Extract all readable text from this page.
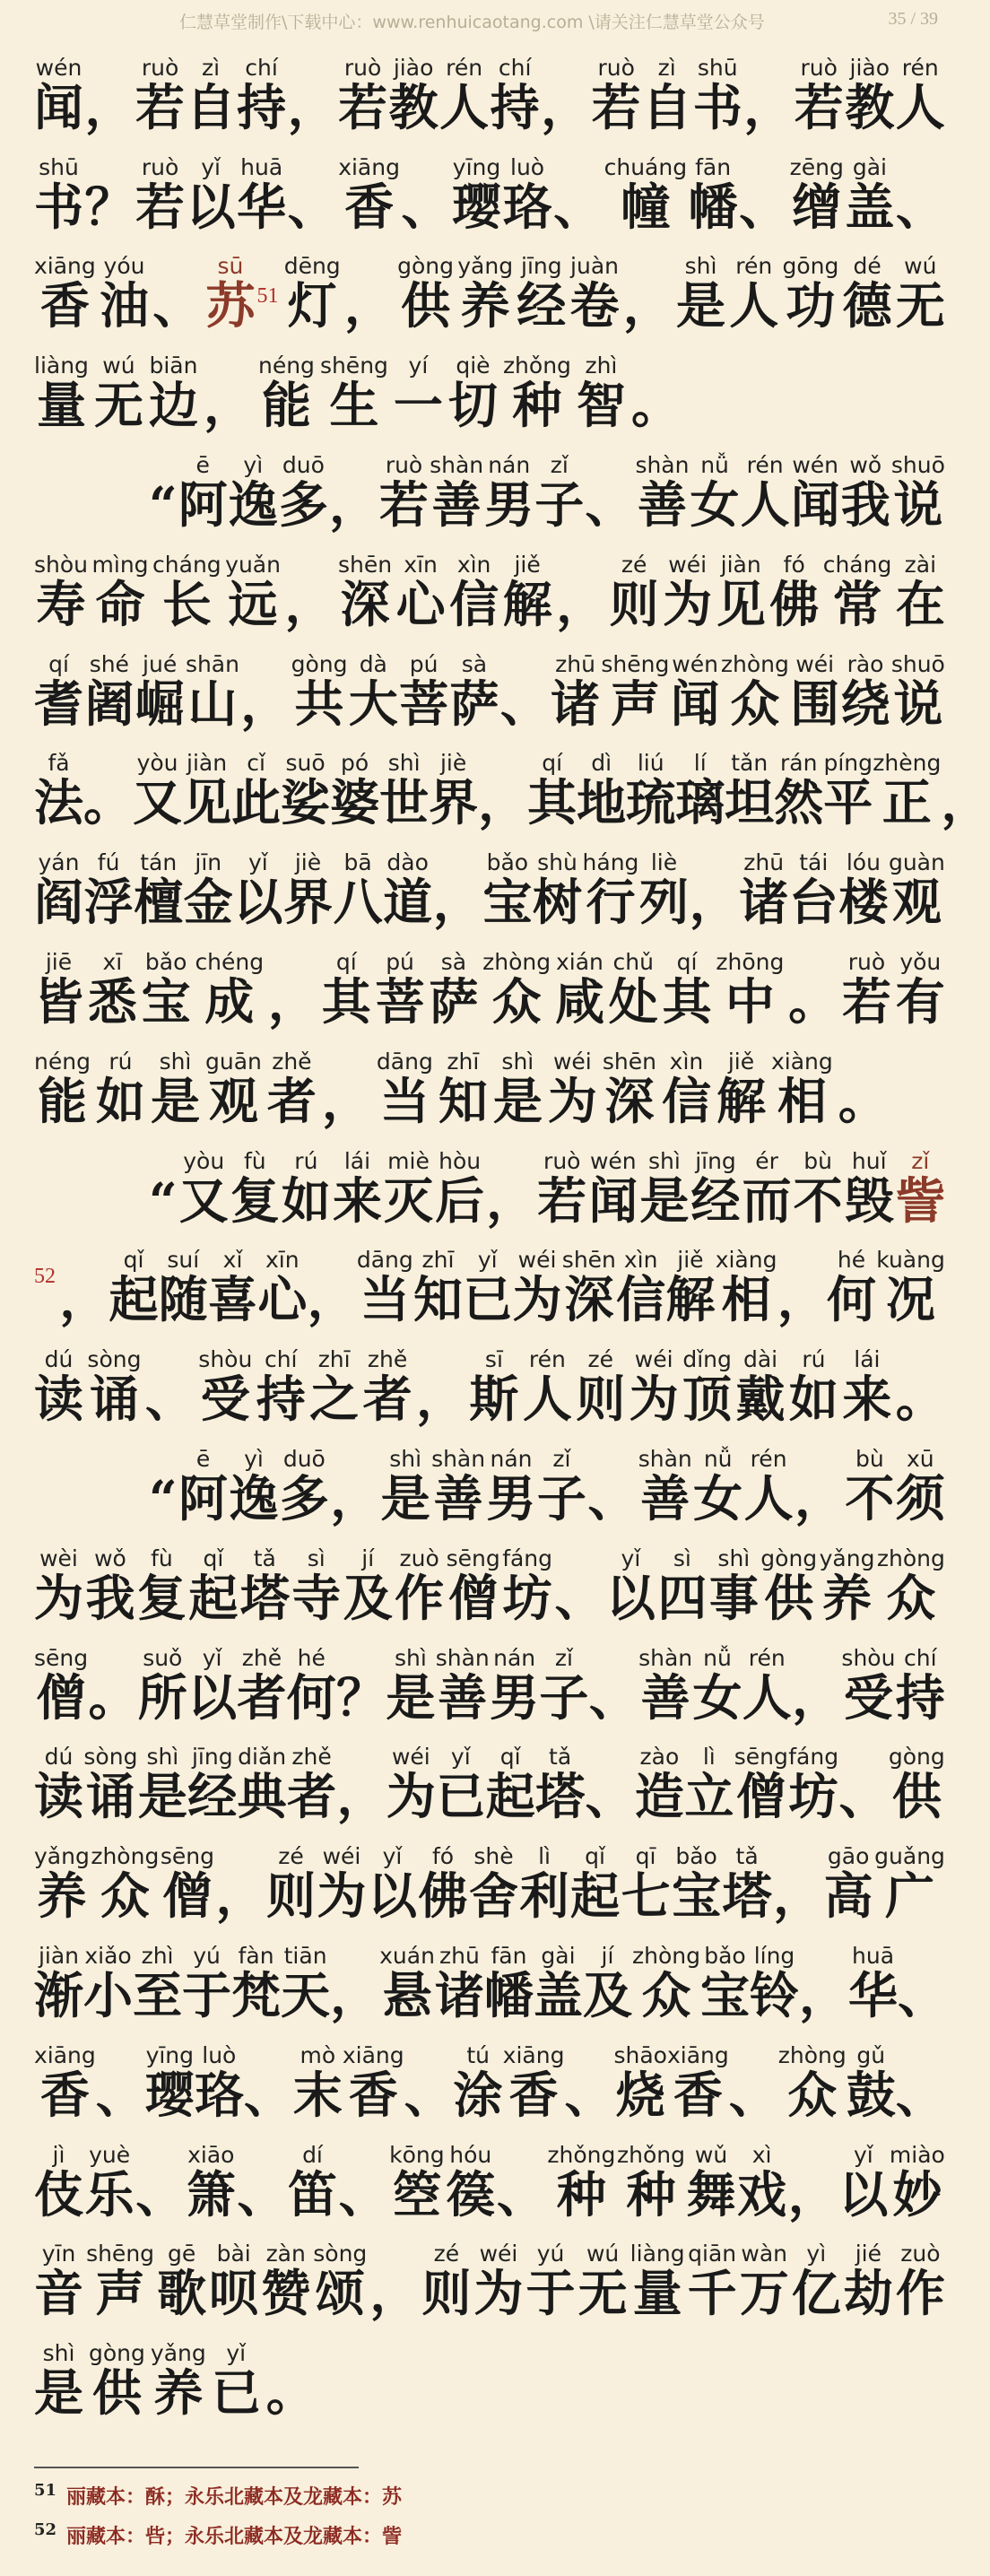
仁慧草堂制作\下载中心：www.renhuicaotang.com \请关注仁慧草堂公众号	35 / 39
闻wén
， 若ruò
自zì
持chí
， 若ruò
教jiào
人rén
持chí
， 若ruò
自zì
书shū
， 若ruò
教jiào
人rén
书shū
？ 若ruò
以yǐ
华huā
、 香xiāng
、 璎yīng
珞luò
、 幢chuáng
幡fān
、 缯zēng
盖gài
、
香xiāng
油yóu
、 苏sū
51 灯dēng
， 供gòng
养yǎng
经jīng
卷juàn
， 是shì
人rén
功gōng
德dé
无wú
量liàng
无wú
边biān
， 能néng
生shēng
一yí
切qiè
种zhǒng
智zhì
。
“ 阿ē
逸yì
多duō
， 若ruò
善shàn
男nán
子zǐ
、 善shàn
女nǚ
人rén
闻wén
我wǒ
说shuō
寿shòu
命mìng
长cháng
远yuǎn
， 深shēn
心xīn
信xìn
解jiě
， 则zé
为wéi
见jiàn
佛fó
常cháng
在zài
耆qí
阇shé
崛jué
山shān
， 共gòng
大dà
菩pú
萨sà
、 诸zhū
声shēng
闻wén
众zhòng
围wéi
绕rào
说shuō
法fǎ
。 又yòu
见jiàn
此cǐ
娑suō
婆pó
世shì
界jiè
， 其qí
地dì
琉liú
璃lí
坦tǎn
然rán
平píng
正zhèng
，
阎yán
浮fú
檀tán
金jīn
以yǐ
界jiè
八bā
道dào
， 宝bǎo
树shù
行háng
列liè
， 诸zhū
台tái
楼lóu
观guàn
皆jiē
悉xī
宝bǎo
成chéng
， 其qí
菩pú
萨sà
众zhòng
咸xián
处chǔ
其qí
中zhōng
。 若ruò
有yǒu
能néng
如rú
是shì
观guān
者zhě
， 当dāng
知zhī
是shì
为wéi
深shēn
信xìn
解jiě
相xiàng
。
“ 又yòu
复fù
如rú
来lái
灭miè
后hòu
， 若ruò
闻wén
是shì
经jīng
而ér
不bù
毁huǐ
訾zǐ
52 ， 起qǐ
随suí
喜xǐ
心xīn
， 当dāng
知zhī
已yǐ
为wéi
深shēn
信xìn
解jiě
相xiàng
， 何hé
况kuàng
读dú
诵sòng
、 受shòu
持chí
之zhī
者zhě
， 斯sī
人rén
则zé
为wéi
顶dǐng
戴dài
如rú
来lái
。
“ 阿ē
逸yì
多duō
， 是shì
善shàn
男nán
子zǐ
、 善shàn
女nǚ
人rén
， 不bù
须xū
为wèi
我wǒ
复fù
起qǐ
塔tǎ
寺sì
及jí
作zuò
僧sēng
坊fáng
、 以yǐ
四sì
事shì
供gòng
养yǎng
众zhòng
僧sēng
。 所suǒ
以yǐ
者zhě
何hé
？ 是shì
善shàn
男nán
子zǐ
、 善shàn
女nǚ
人rén
， 受shòu
持chí
读dú
诵sòng
是shì
经jīng
典diǎn
者zhě
， 为wéi
已yǐ
起qǐ
塔tǎ
、 造zào
立lì
僧sēng
坊fáng
、 供gòng
养yǎng
众zhòng
僧sēng
， 则zé
为wéi
以yǐ
佛fó
舍shè
利lì
起qǐ
七qī
宝bǎo
塔tǎ
， 高gāo
广guǎng
渐jiàn
小xiǎo
至zhì
于yú
梵fàn
天tiān
， 悬xuán
诸zhū
幡fān
盖gài
及jí
众zhòng
宝bǎo
铃líng
， 华huā
、
香xiāng
、 璎yīng
珞luò
、 末mò
香xiāng
、 涂tú
香xiāng
、 烧shāo
香xiāng
、 众zhòng
鼓gǔ
、
伎jì
乐yuè
、 箫xiāo
、 笛dí
、 箜kōng
篌hóu
、 种zhǒng
种zhǒng
舞wǔ
戏xì
， 以yǐ
妙miào
音yīn
声shēng
歌gē
呗bài
赞zàn
颂sòng
， 则zé
为wéi
于yú
无wú
量liàng
千qiān
万wàn
亿yì
劫jié
作zuò
是shì
供gòng
养yǎng
已yǐ
。
51 丽藏本：酥；永乐北藏本及龙藏本：苏
52 丽藏本：呰；永乐北藏本及龙藏本：訾
